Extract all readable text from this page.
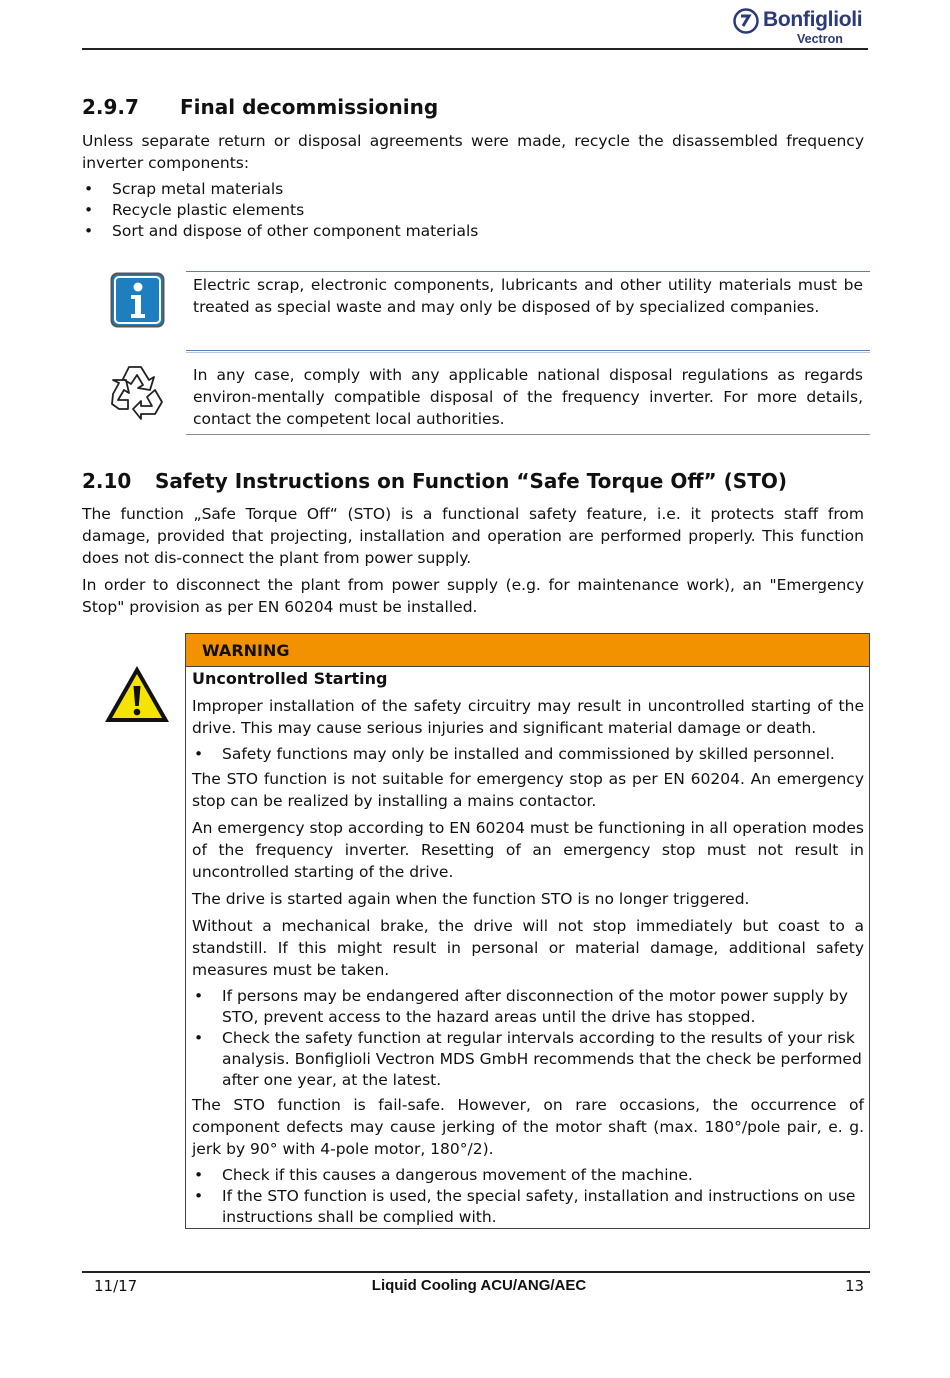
Bonfiglioli
Vectron
2.9.7 Final decommissioning

Unless separate return or disposal agreements were made, recycle the disassembled frequency inverter components:

• Scrap metal materials
• Recycle plastic elements
• Sort and dispose of other component materials

Electric scrap, electronic components, lubricants and other utility materials must be treated as special waste and may only be disposed of by specialized companies.

In any case, comply with any applicable national disposal regulations as regards environ-mentally compatible disposal of the frequency inverter. For more details, contact the competent local authorities.

2.10 Safety Instructions on Function “Safe Torque Off” (STO)

The function „Safe Torque Off“ (STO) is a functional safety feature, i.e. it protects staff from damage, provided that projecting, installation and operation are performed properly. This function does not dis-connect the plant from power supply.

In order to disconnect the plant from power supply (e.g. for maintenance work), an "Emergency Stop" provision as per EN 60204 must be installed.

WARNING

Uncontrolled Starting

Improper installation of the safety circuitry may result in uncontrolled starting of the drive. This may cause serious injuries and significant material damage or death.

• Safety functions may only be installed and commissioned by skilled personnel.

The STO function is not suitable for emergency stop as per EN 60204. An emergency stop can be realized by installing a mains contactor.

An emergency stop according to EN 60204 must be functioning in all operation modes of the frequency inverter. Resetting of an emergency stop must not result in uncontrolled starting of the drive.

The drive is started again when the function STO is no longer triggered.

Without a mechanical brake, the drive will not stop immediately but coast to a standstill. If this might result in personal or material damage, additional safety measures must be taken.

• If persons may be endangered after disconnection of the motor power supply by STO, prevent access to the hazard areas until the drive has stopped.
• Check the safety function at regular intervals according to the results of your risk analysis. Bonfiglioli Vectron MDS GmbH recommends that the check be performed after one year, at the latest.

The STO function is fail-safe. However, on rare occasions, the occurrence of component defects may cause jerking of the motor shaft (max. 180°/pole pair, e. g. jerk by 90° with 4-pole motor, 180°/2).

• Check if this causes a dangerous movement of the machine.
• If the STO function is used, the special safety, installation and instructions on use instructions shall be complied with.
11/17	Liquid Cooling ACU/ANG/AEC	13
